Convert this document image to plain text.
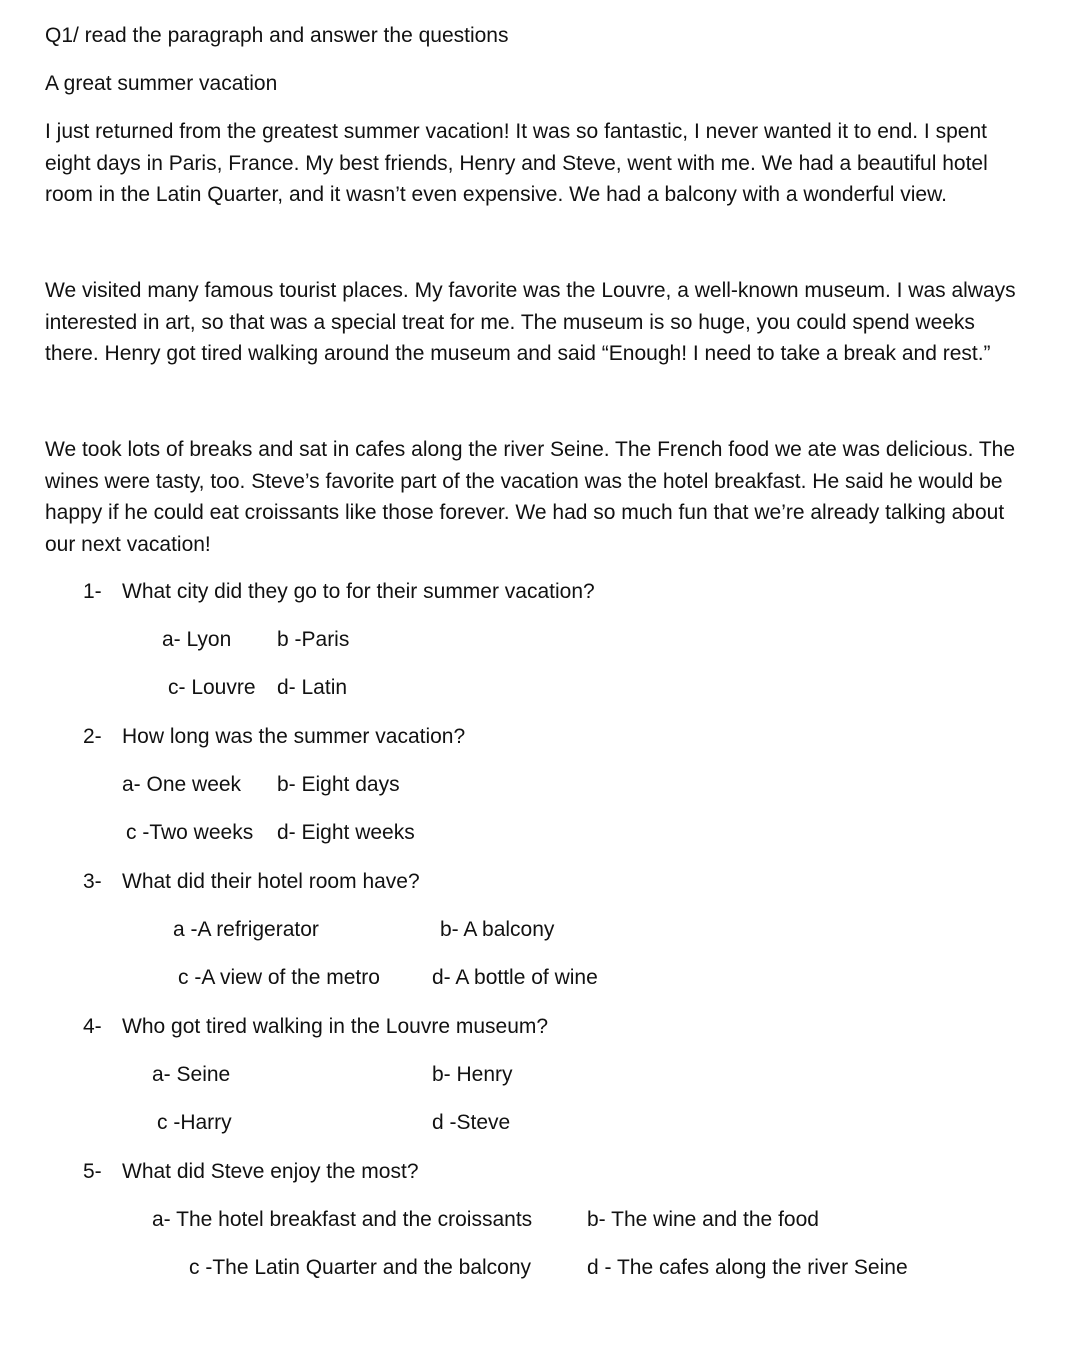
Q1/ read the paragraph and answer the questions
A great summer vacation
I just returned from the greatest summer vacation! It was so fantastic, I never wanted it to end. I spent
eight days in Paris, France. My best friends, Henry and Steve, went with me. We had a beautiful hotel
room in the Latin Quarter, and it wasn’t even expensive. We had a balcony with a wonderful view.
We visited many famous tourist places. My favorite was the Louvre, a well-known museum. I was always
interested in art, so that was a special treat for me. The museum is so huge, you could spend weeks
there. Henry got tired walking around the museum and said “Enough! I need to take a break and rest.”
We took lots of breaks and sat in cafes along the river Seine. The French food we ate was delicious. The
wines were tasty, too. Steve’s favorite part of the vacation was the hotel breakfast. He said he would be
happy if he could eat croissants like those forever. We had so much fun that we’re already talking about
our next vacation!
1- What city did they go to for their summer vacation?
a- Lyon b -Paris
c- Louvre d- Latin
2- How long was the summer vacation?
a- One week b- Eight days
c -Two weeks d- Eight weeks
3- What did their hotel room have?
a -A refrigerator	b- A balcony
c -A view of the metro d- A bottle of wine
4- Who got tired walking in the Louvre museum?
a- Seine	b- Henry
c -Harry	d -Steve
5- What did Steve enjoy the most?
a- The hotel breakfast and the croissants	b- The wine and the food
c -The Latin Quarter and the balcony	d - The cafes along the river Seine
